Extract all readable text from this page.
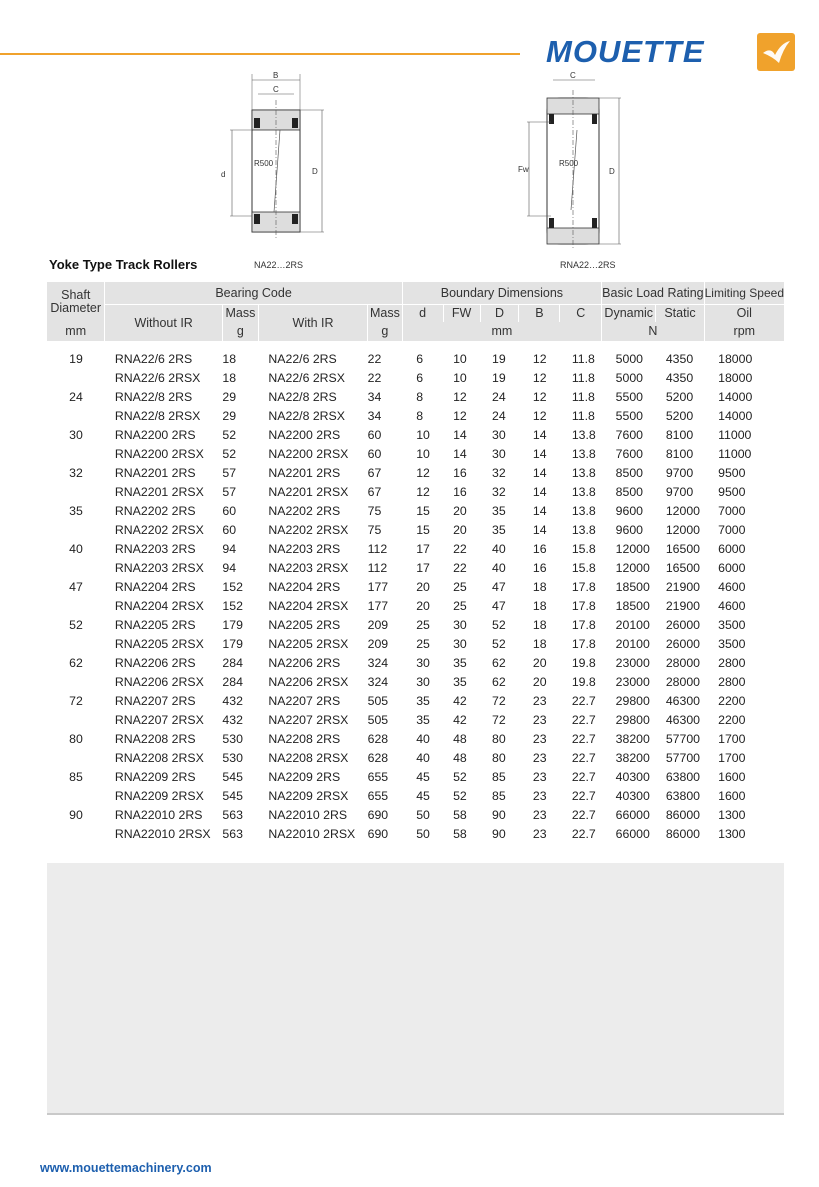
MOUETTE
B
C
d	D
R500
NA22…2RS
C
Fw	D
R500
RNA22…2RS
Yoke Type Track Rollers
Shaft
Diameter	Bearing Code				Boundary Dimensions					Basic Load Rating		Limiting Speed
	Without IR	Mass	With IR	Mass	d	FW	D	B	C	Dynamic	Static	Oil
mm		g		g	mm					N		rpm

19	RNA22/6 2RS	18	NA22/6 2RS	22	6	10	19	12	11.8	5000	4350	18000
	RNA22/6 2RSX	18	NA22/6 2RSX	22	6	10	19	12	11.8	5000	4350	18000
24	RNA22/8 2RS	29	NA22/8 2RS	34	8	12	24	12	11.8	5500	5200	14000
	RNA22/8 2RSX	29	NA22/8 2RSX	34	8	12	24	12	11.8	5500	5200	14000
30	RNA2200 2RS	52	NA2200 2RS	60	10	14	30	14	13.8	7600	8100	11000
	RNA2200 2RSX	52	NA2200 2RSX	60	10	14	30	14	13.8	7600	8100	11000
32	RNA2201 2RS	57	NA2201 2RS	67	12	16	32	14	13.8	8500	9700	9500
	RNA2201 2RSX	57	NA2201 2RSX	67	12	16	32	14	13.8	8500	9700	9500
35	RNA2202 2RS	60	NA2202 2RS	75	15	20	35	14	13.8	9600	12000	7000
	RNA2202 2RSX	60	NA2202 2RSX	75	15	20	35	14	13.8	9600	12000	7000
40	RNA2203 2RS	94	NA2203 2RS	112	17	22	40	16	15.8	12000	16500	6000
	RNA2203 2RSX	94	NA2203 2RSX	112	17	22	40	16	15.8	12000	16500	6000
47	RNA2204 2RS	152	NA2204 2RS	177	20	25	47	18	17.8	18500	21900	4600
	RNA2204 2RSX	152	NA2204 2RSX	177	20	25	47	18	17.8	18500	21900	4600
52	RNA2205 2RS	179	NA2205 2RS	209	25	30	52	18	17.8	20100	26000	3500
	RNA2205 2RSX	179	NA2205 2RSX	209	25	30	52	18	17.8	20100	26000	3500
62	RNA2206 2RS	284	NA2206 2RS	324	30	35	62	20	19.8	23000	28000	2800
	RNA2206 2RSX	284	NA2206 2RSX	324	30	35	62	20	19.8	23000	28000	2800
72	RNA2207 2RS	432	NA2207 2RS	505	35	42	72	23	22.7	29800	46300	2200
	RNA2207 2RSX	432	NA2207 2RSX	505	35	42	72	23	22.7	29800	46300	2200
80	RNA2208 2RS	530	NA2208 2RS	628	40	48	80	23	22.7	38200	57700	1700
	RNA2208 2RSX	530	NA2208 2RSX	628	40	48	80	23	22.7	38200	57700	1700
85	RNA2209 2RS	545	NA2209 2RS	655	45	52	85	23	22.7	40300	63800	1600
	RNA2209 2RSX	545	NA2209 2RSX	655	45	52	85	23	22.7	40300	63800	1600
90	RNA22010 2RS	563	NA22010 2RS	690	50	58	90	23	22.7	66000	86000	1300
	RNA22010 2RSX	563	NA22010 2RSX	690	50	58	90	23	22.7	66000	86000	1300

www.mouettemachinery.com
